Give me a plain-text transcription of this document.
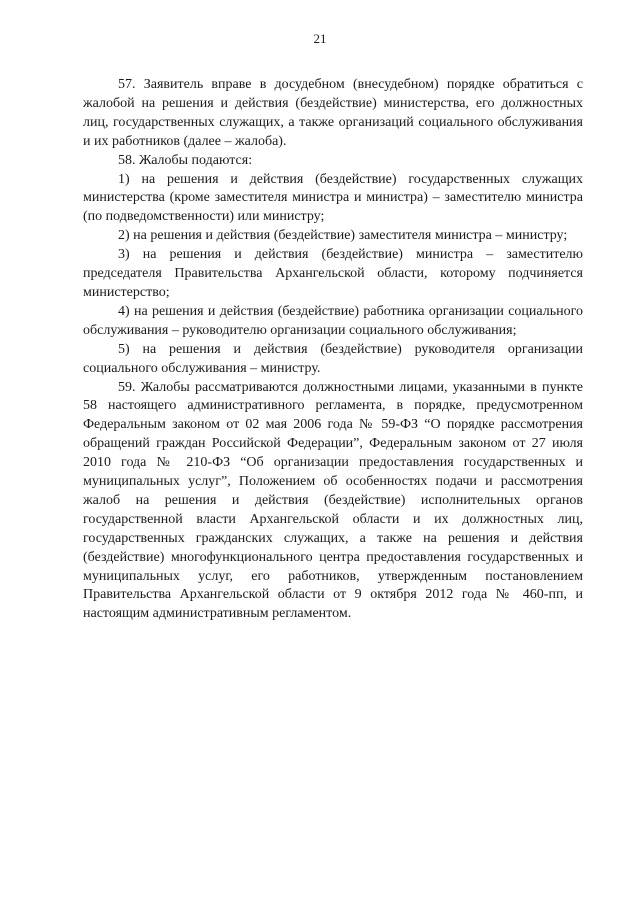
21

57. Заявитель вправе в досудебном (внесудебном) порядке обратиться с жалобой на решения и действия (бездействие) министерства, его должностных лиц, государственных служащих, а также организаций социального обслуживания и их работников (далее – жалоба).

58. Жалобы подаются:

1) на решения и действия (бездействие) государственных служащих министерства (кроме заместителя министра и министра) – заместителю министра (по подведомственности) или министру;

2) на решения и действия (бездействие) заместителя министра – министру;

3) на решения и действия (бездействие) министра – заместителю председателя Правительства Архангельской области, которому подчиняется министерство;

4) на решения и действия (бездействие) работника организации социального обслуживания – руководителю организации социального обслуживания;

5) на решения и действия (бездействие) руководителя организации социального обслуживания – министру.

59. Жалобы рассматриваются должностными лицами, указанными в пункте 58 настоящего административного регламента, в порядке, предусмотренном Федеральным законом от 02 мая 2006 года № 59-ФЗ “О порядке рассмотрения обращений граждан Российской Федерации”, Федеральным законом от 27 июля 2010 года № 210-ФЗ “Об организации предоставления государственных и муниципальных услуг”, Положением об особенностях подачи и рассмотрения жалоб на решения и действия (бездействие) исполнительных органов государственной власти Архангельской области и их должностных лиц, государственных гражданских служащих, а также на решения и действия (бездействие) многофункционального центра предоставления государственных и муниципальных услуг, его работников, утвержденным постановлением Правительства Архангельской области от 9 октября 2012 года № 460-пп, и настоящим административным регламентом.
